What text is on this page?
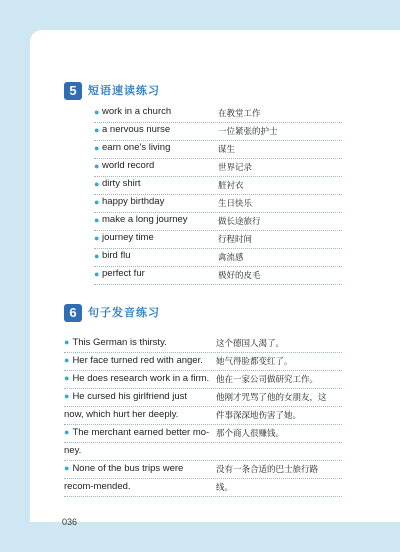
5	短语速读练习
● work in a church	在教堂工作
● a nervous nurse	一位紧张的护士
● earn one's living	谋生
● world record	世界记录
● dirty shirt	脏衬衣
● happy birthday	生日快乐
● make a long journey	做长途旅行
● journey time	行程时间
● bird flu	禽流感
● perfect fur	极好的皮毛
6	句子发音练习
● This German is thirsty.	这个德国人渴了。
● Her face turned red with anger. 她气得脸都变红了。
● He does research work in a firm. 他在一家公司做研究工作。
● He cursed his girlfriend just	他刚才咒骂了他的女朋友，这
now, which hurt her deeply.	件事深深地伤害了她。
● The merchant earned better mo- 那个商人很赚钱。
ney.
● None of the bus trips were	没有一条合适的巴士旅行路
recom-mended.	线。
036
